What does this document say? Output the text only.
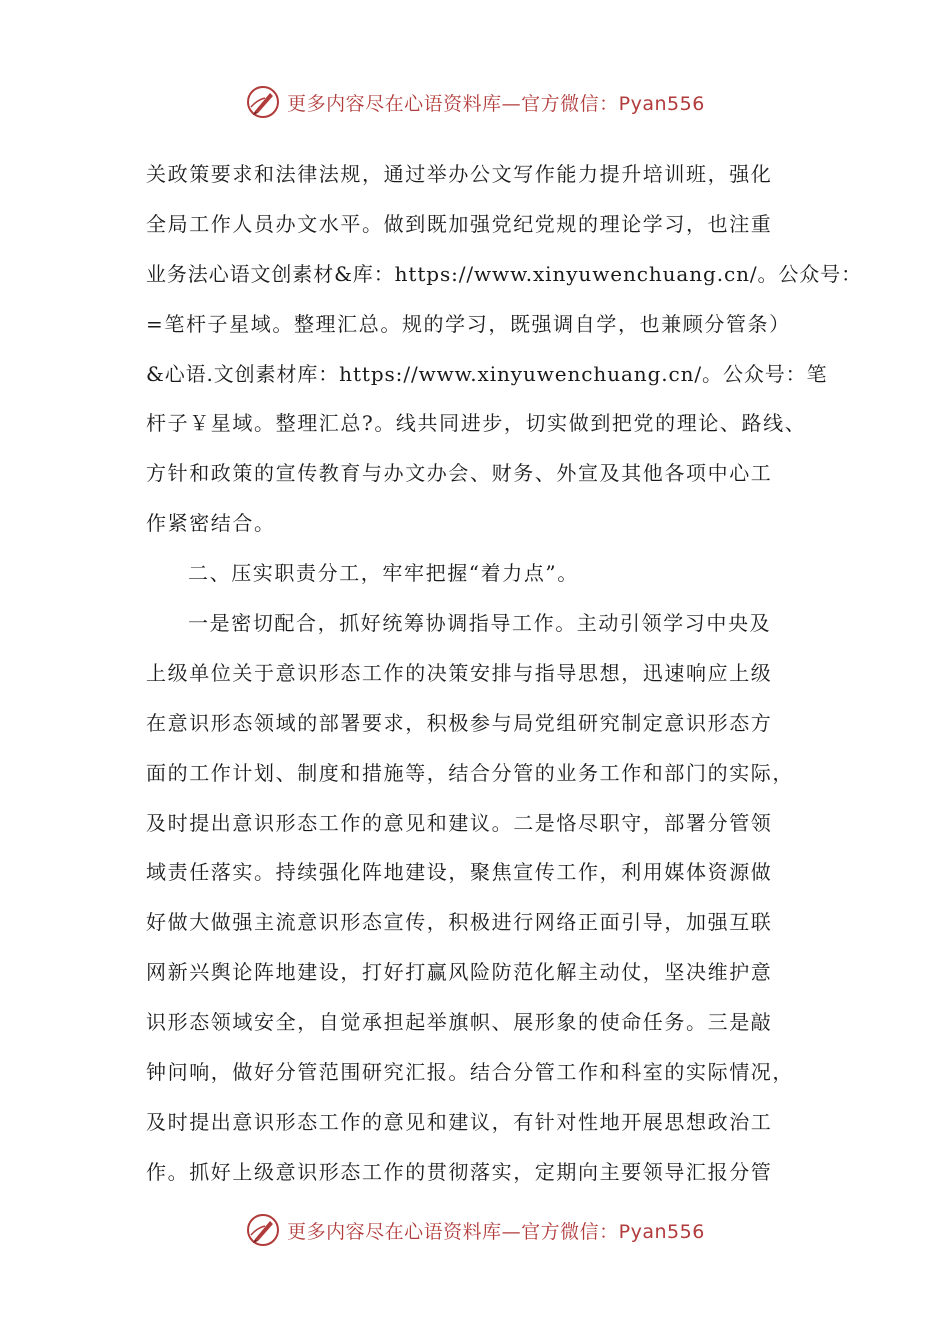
更多内容尽在心语资料库—官方微信：Pyan556
关政策要求和法律法规，通过举办公文写作能力提升培训班，强化
全局工作人员办文水平。做到既加强党纪党规的理论学习，也注重
业务法心语文创素材&库：https://www.xinyuwenchuang.cn/。公众号：
=笔杆子星域。整理汇总。规的学习，既强调自学，也兼顾分管条）
&心语.文创素材库：https://www.xinyuwenchuang.cn/。公众号：笔
杆子￥星域。整理汇总?。线共同进步，切实做到把党的理论、路线、
方针和政策的宣传教育与办文办会、财务、外宣及其他各项中心工
作紧密结合。
二、压实职责分工，牢牢把握“着力点”。
一是密切配合，抓好统筹协调指导工作。主动引领学习中央及
上级单位关于意识形态工作的决策安排与指导思想，迅速响应上级
在意识形态领域的部署要求，积极参与局党组研究制定意识形态方
面的工作计划、制度和措施等，结合分管的业务工作和部门的实际，
及时提出意识形态工作的意见和建议。二是恪尽职守，部署分管领
域责任落实。持续强化阵地建设，聚焦宣传工作，利用媒体资源做
好做大做强主流意识形态宣传，积极进行网络正面引导，加强互联
网新兴舆论阵地建设，打好打赢风险防范化解主动仗，坚决维护意
识形态领域安全，自觉承担起举旗帜、展形象的使命任务。三是敲
钟问响，做好分管范围研究汇报。结合分管工作和科室的实际情况，
及时提出意识形态工作的意见和建议，有针对性地开展思想政治工
作。抓好上级意识形态工作的贯彻落实，定期向主要领导汇报分管
更多内容尽在心语资料库—官方微信：Pyan556
